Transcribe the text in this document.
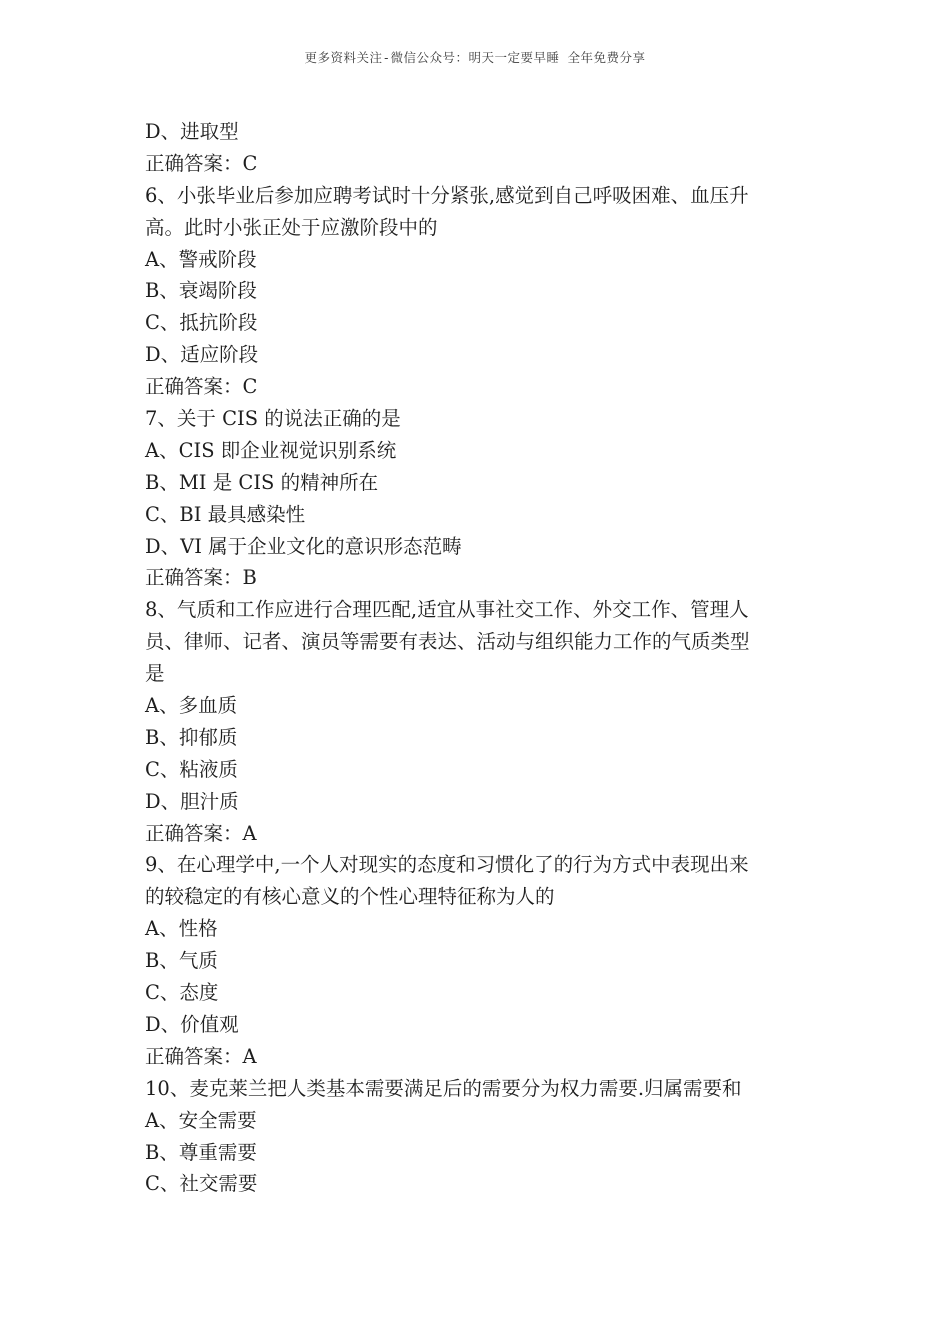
更多资料关注-微信公众号：明天一定要早睡 全年免费分享
D、进取型
正确答案：C
6、小张毕业后参加应聘考试时十分紧张,感觉到自己呼吸困难、血压升
高。此时小张正处于应激阶段中的
A、警戒阶段
B、衰竭阶段
C、抵抗阶段
D、适应阶段
正确答案：C
7、关于 CIS 的说法正确的是
A、CIS 即企业视觉识别系统
B、MI 是 CIS 的精神所在
C、BI 最具感染性
D、VI 属于企业文化的意识形态范畴
正确答案：B
8、气质和工作应进行合理匹配,适宜从事社交工作、外交工作、管理人
员、律师、记者、演员等需要有表达、活动与组织能力工作的气质类型
是
A、多血质
B、抑郁质
C、粘液质
D、胆汁质
正确答案：A
9、在心理学中,一个人对现实的态度和习惯化了的行为方式中表现出来
的较稳定的有核心意义的个性心理特征称为人的
A、性格
B、气质
C、态度
D、价值观
正确答案：A
10、麦克莱兰把人类基本需要满足后的需要分为权力需要.归属需要和
A、安全需要
B、尊重需要
C、社交需要
